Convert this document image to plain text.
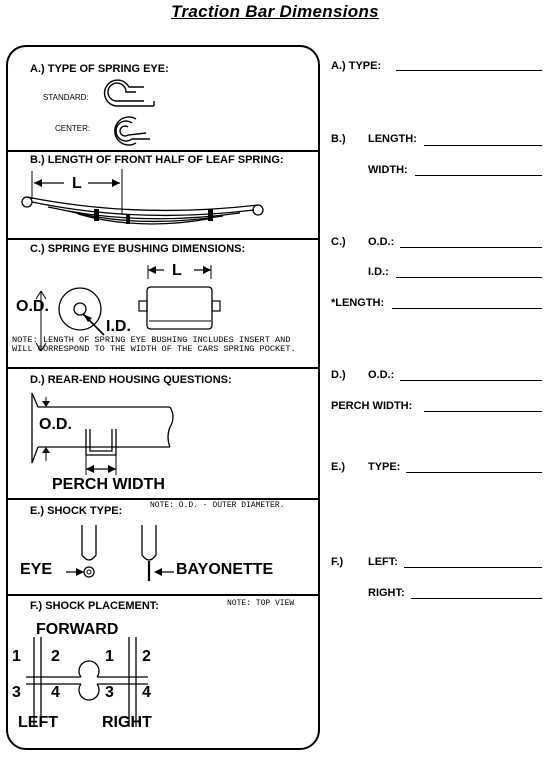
Traction Bar Dimensions
A.) TYPE OF SPRING EYE:
STANDARD:
CENTER:
B.) LENGTH OF FRONT HALF OF LEAF SPRING:
L
C.) SPRING EYE BUSHING DIMENSIONS:
O.D.
I.D.
L
NOTE: LENGTH OF SPRING EYE BUSHING INCLUDES INSERT AND WILL CORRESPOND TO THE WIDTH OF THE CARS SPRING POCKET.
D.) REAR-END HOUSING QUESTIONS:
O.D.
PERCH WIDTH
E.) SHOCK TYPE:	NOTE: O.D. - OUTER DIAMETER.
EYE	BAYONETTE
F.) SHOCK PLACEMENT:	NOTE: TOP VIEW
FORWARD
1 2
3 4
1 2
3 4
LEFT	RIGHT
A.) TYPE:
B.) LENGTH:
WIDTH:
C.) O.D.:
I.D.:
*LENGTH:
D.) O.D.:
PERCH WIDTH:
E.) TYPE:
F.) LEFT:
RIGHT:
